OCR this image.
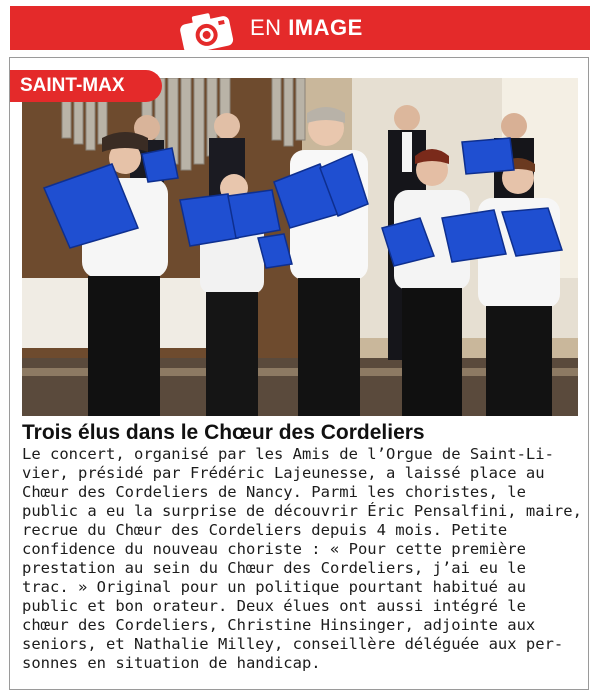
EN IMAGE
SAINT-MAX
Trois élus dans le Chœur des Cordeliers
Le concert, organisé par les Amis de l’Orgue de Saint-Li-
vier, présidé par Frédéric Lajeunesse, a laissé place au
Chœur des Cordeliers de Nancy. Parmi les choristes, le
public a eu la surprise de découvrir Éric Pensalfini, maire,
recrue du Chœur des Cordeliers depuis 4 mois. Petite
confidence du nouveau choriste : « Pour cette première
prestation au sein du Chœur des Cordeliers, j’ai eu le
trac. » Original pour un politique pourtant habitué au
public et bon orateur. Deux élues ont aussi intégré le
chœur des Cordeliers, Christine Hinsinger, adjointe aux
seniors, et Nathalie Milley, conseillère déléguée aux per-
sonnes en situation de handicap.
